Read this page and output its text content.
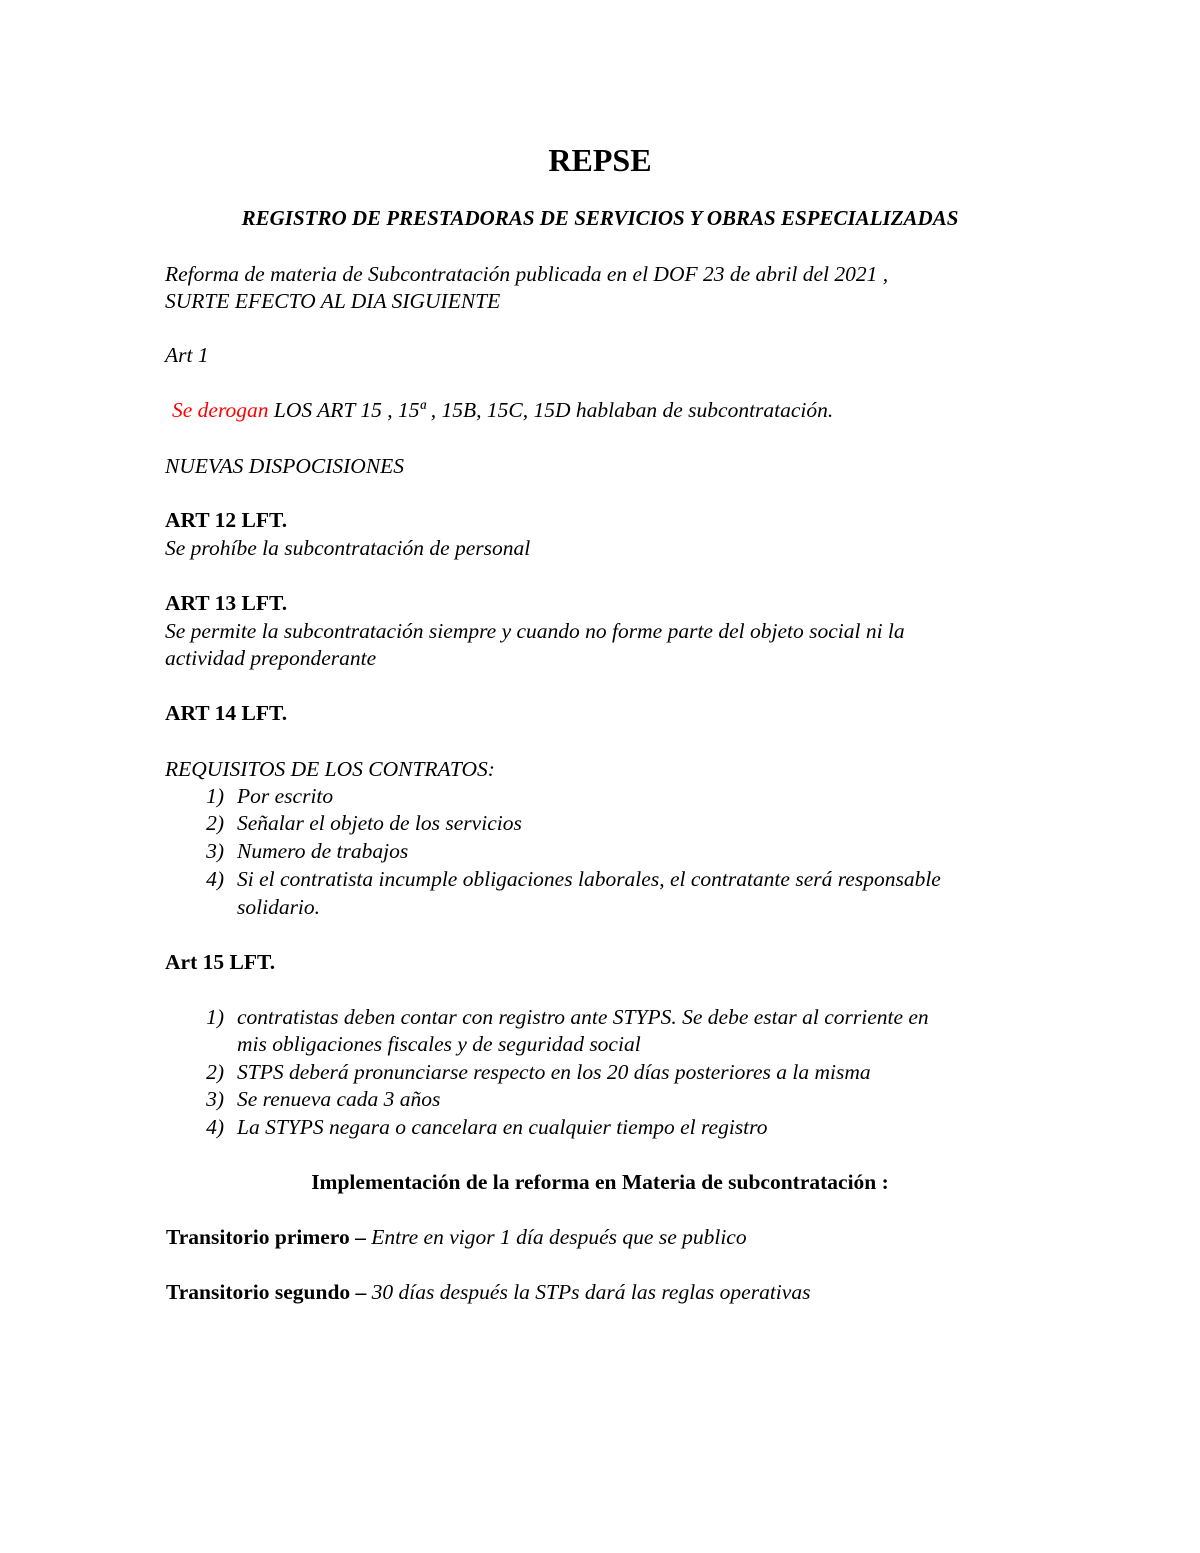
REPSE
REGISTRO DE PRESTADORAS DE SERVICIOS Y OBRAS ESPECIALIZADAS
Reforma de materia de Subcontratación publicada en el DOF 23 de abril del 2021 ,
SURTE EFECTO AL DIA SIGUIENTE
Art 1
Se derogan LOS ART 15 , 15ª , 15B, 15C, 15D hablaban de subcontratación.
NUEVAS DISPOCISIONES
ART 12 LFT.
Se prohíbe la subcontratación de personal
ART 13 LFT.
Se permite la subcontratación siempre y cuando no forme parte del objeto social ni la
actividad preponderante
ART 14 LFT.
REQUISITOS DE LOS CONTRATOS:
1) Por escrito
2) Señalar el objeto de los servicios
3) Numero de trabajos
4) Si el contratista incumple obligaciones laborales, el contratante será responsable
solidario.
Art 15 LFT.
1) contratistas deben contar con registro ante STYPS. Se debe estar al corriente en
mis obligaciones fiscales y de seguridad social
2) STPS deberá pronunciarse respecto en los 20 días posteriores a la misma
3) Se renueva cada 3 años
4) La STYPS negara o cancelara en cualquier tiempo el registro
Implementación de la reforma en Materia de subcontratación :
Transitorio primero – Entre en vigor 1 día después que se publico
Transitorio segundo – 30 días después la STPs dará las reglas operativas
